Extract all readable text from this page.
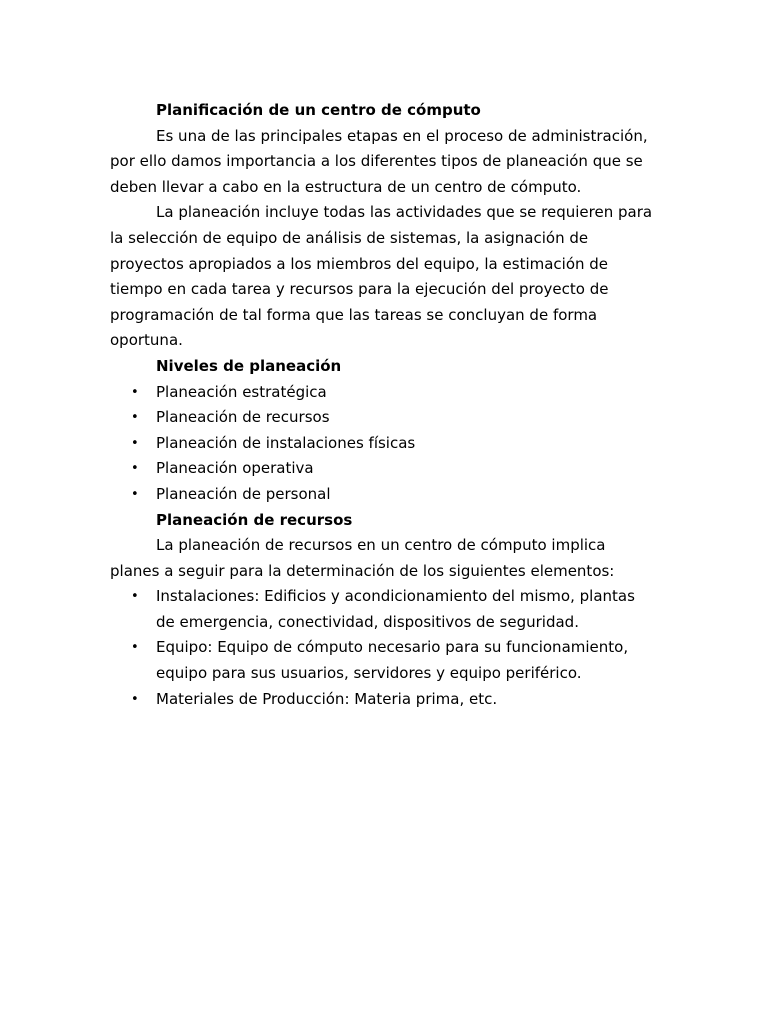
Planificación de un centro de cómputo

Es una de las principales etapas en el proceso de administración, por ello damos importancia a los diferentes tipos de planeación que se deben llevar a cabo en la estructura de un centro de cómputo.

La planeación incluye todas las actividades que se requieren para la selección de equipo de análisis de sistemas, la asignación de proyectos apropiados a los miembros del equipo, la estimación de tiempo en cada tarea y recursos para la ejecución del proyecto de programación de tal forma que las tareas se concluyan de forma oportuna.

Niveles de planeación

• Planeación estratégica
• Planeación de recursos
• Planeación de instalaciones físicas
• Planeación operativa
• Planeación de personal

Planeación de recursos

La planeación de recursos en un centro de cómputo implica planes a seguir para la determinación de los siguientes elementos:

• Instalaciones: Edificios y acondicionamiento del mismo, plantas de emergencia, conectividad, dispositivos de seguridad.
• Equipo: Equipo de cómputo necesario para su funcionamiento, equipo para sus usuarios, servidores y equipo periférico.
• Materiales de Producción: Materia prima, etc.
